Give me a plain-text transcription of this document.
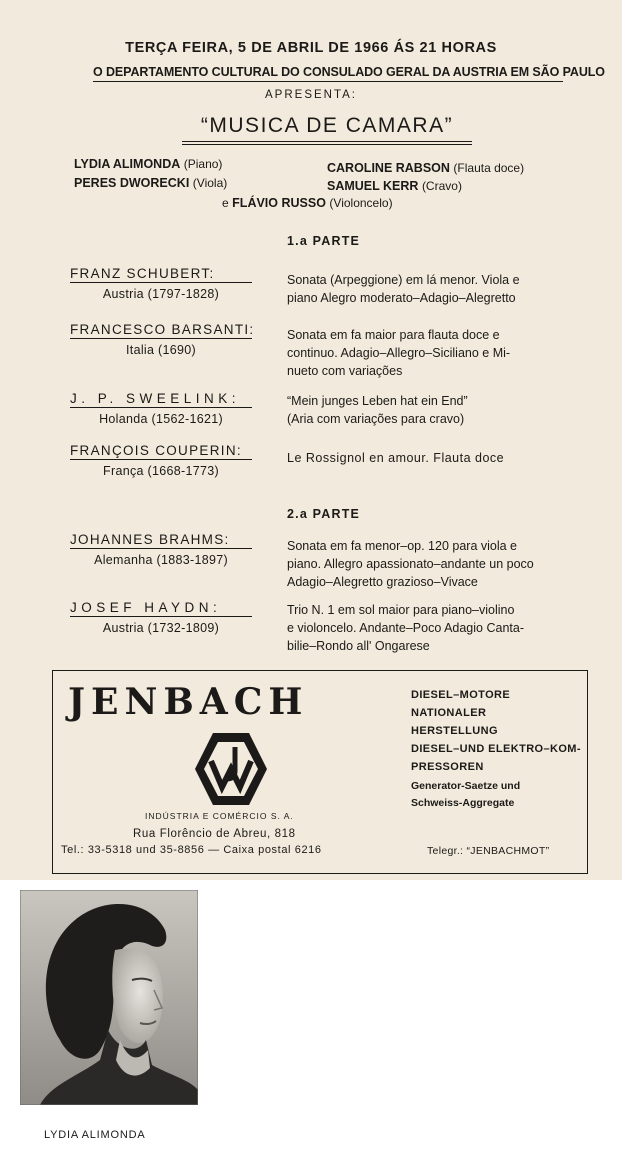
TERÇA FEIRA, 5 DE ABRIL DE 1966 ÁS 21 HORAS
O DEPARTAMENTO CULTURAL DO CONSULADO GERAL DA AUSTRIA EM SÃO PAULO
APRESENTA:
“MUSICA DE CAMARA”
LYDIA ALIMONDA (Piano)
PERES DWORECKI (Viola)
CAROLINE RABSON (Flauta doce)
SAMUEL KERR (Cravo)
e FLÁVIO RUSSO (Violoncelo)
1.a PARTE
FRANZ SCHUBERT:
Austria (1797-1828)
Sonata (Arpeggione) em lá menor. Viola e
piano Alegro moderato–Adagio–Alegretto
FRANCESCO BARSANTI:
Italia (1690)
Sonata em fa maior para flauta doce e
continuo. Adagio–Allegro–Siciliano e Mi-
nueto com variações
J. P. SWEELINK:
Holanda (1562-1621)
“Mein junges Leben hat ein End”
(Aria com variações para cravo)
FRANÇOIS COUPERIN:
França (1668-1773)
Le Rossignol en amour. Flauta doce
2.a PARTE
JOHANNES BRAHMS:
Alemanha (1883-1897)
Sonata em fa menor–op. 120 para viola e
piano. Allegro apassionato–andante un poco
Adagio–Alegretto grazioso–Vivace
JOSEF HAYDN:
Austria (1732-1809)
Trio N. 1 em sol maior para piano–violino
e violoncelo. Andante–Poco Adagio Canta-
bilie–Rondo all' Ongarese
JENBACH
JW
DIESEL–MOTORE
NATIONALER
HERSTELLUNG
DIESEL–UND ELEKTRO–KOM-
PRESSOREN
Generator-Saetze und
Schweiss-Aggregate
INDÚSTRIA E COMÉRCIO S. A.
Rua Florêncio de Abreu, 818
Tel.: 33-5318 und 35-8856 — Caixa postal 6216	Telegr.: “JENBACHMOT”
LYDIA ALIMONDA
